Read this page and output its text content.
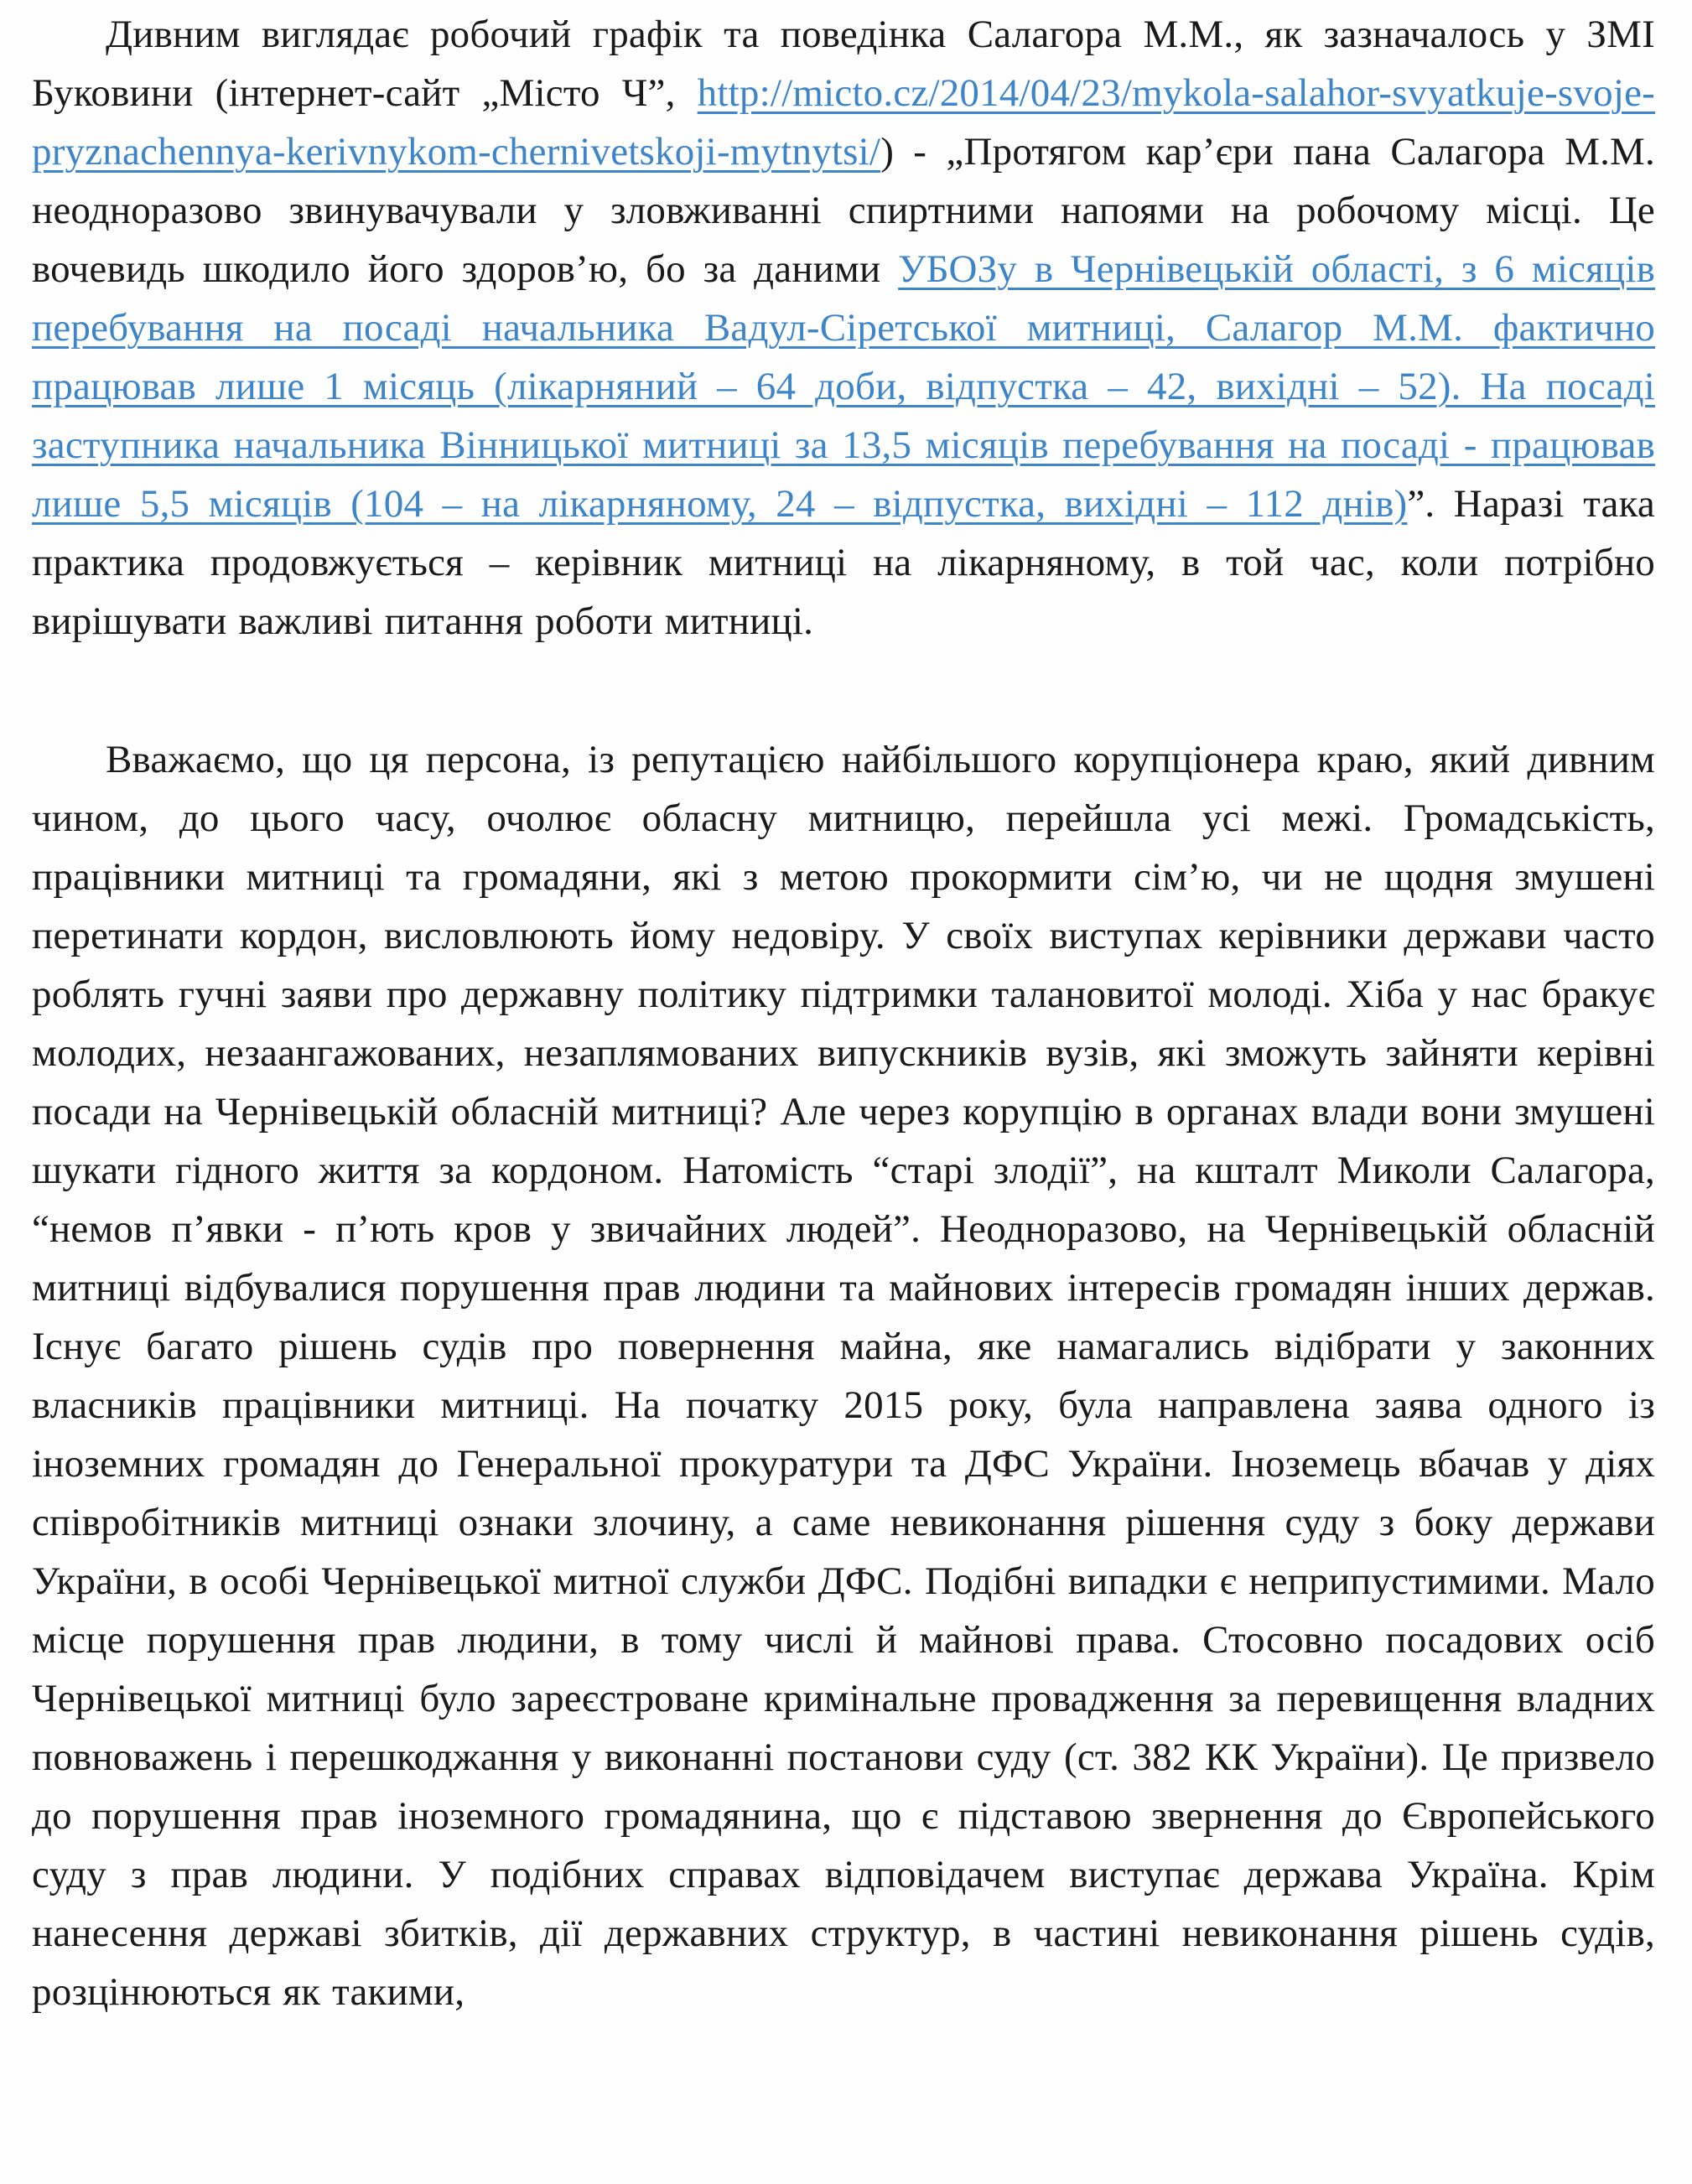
Дивним виглядає робочий графік та поведінка Салагора М.М., як зазначалось у ЗМІ Буковини (інтернет-сайт „Місто Ч”, http://micto.cz/2014/04/23/mykola-salahor-svyatkuje-svoje-pryznachennya-kerivnykom-chernivetskoji-mytnytsi/) - „Протягом кар’єри пана Салагора М.М. неодноразово звинувачували у зловживанні спиртними напоями на робочому місці. Це вочевидь шкодило його здоров’ю, бо за даними УБОЗу в Чернівецькій області, з 6 місяців перебування на посаді начальника Вадул-Сіретської митниці, Салагор М.М. фактично працював лише 1 місяць (лікарняний – 64 доби, відпустка – 42, вихідні – 52). На посаді заступника начальника Вінницької митниці за 13,5 місяців перебування на посаді - працював лише 5,5 місяців (104 – на лікарняному, 24 – відпустка, вихідні – 112 днів)”. Наразі така практика продовжується – керівник митниці на лікарняному, в той час, коли потрібно вирішувати важливі питання роботи митниці.

Вважаємо, що ця персона, із репутацією найбільшого корупціонера краю, який дивним чином, до цього часу, очолює обласну митницю, перейшла усі межі. Громадськість, працівники митниці та громадяни, які з метою прокормити сім’ю, чи не щодня змушені перетинати кордон, висловлюють йому недовіру. У своїх виступах керівники держави часто роблять гучні заяви про державну політику підтримки талановитої молоді. Хіба у нас бракує молодих, незаангажованих, незаплямованих випускників вузів, які зможуть зайняти керівні посади на Чернівецькій обласній митниці? Але через корупцію в органах влади вони змушені шукати гідного життя за кордоном. Натомість “старі злодії”, на кшталт Миколи Салагора, “немов п’явки - п’ють кров у звичайних людей”. Неодноразово, на Чернівецькій обласній митниці відбувалися порушення прав людини та майнових інтересів громадян інших держав. Існує багато рішень судів про повернення майна, яке намагались відібрати у законних власників працівники митниці. На початку 2015 року, була направлена заява одного із іноземних громадян до Генеральної прокуратури та ДФС України. Іноземець вбачав у діях співробітників митниці ознаки злочину, а саме невиконання рішення суду з боку держави України, в особі Чернівецької митної служби ДФС. Подібні випадки є неприпустимими. Мало місце порушення прав людини, в тому числі й майнові права. Стосовно посадових осіб Чернівецької митниці було зареєстроване кримінальне провадження за перевищення владних повноважень і перешкоджання у виконанні постанови суду (ст. 382 КК України). Це призвело до порушення прав іноземного громадянина, що є підставою звернення до Європейського суду з прав людини. У подібних справах відповідачем виступає держава Україна. Крім нанесення державі збитків, дії державних структур, в частині невиконання рішень судів, розцінюються як такими,
